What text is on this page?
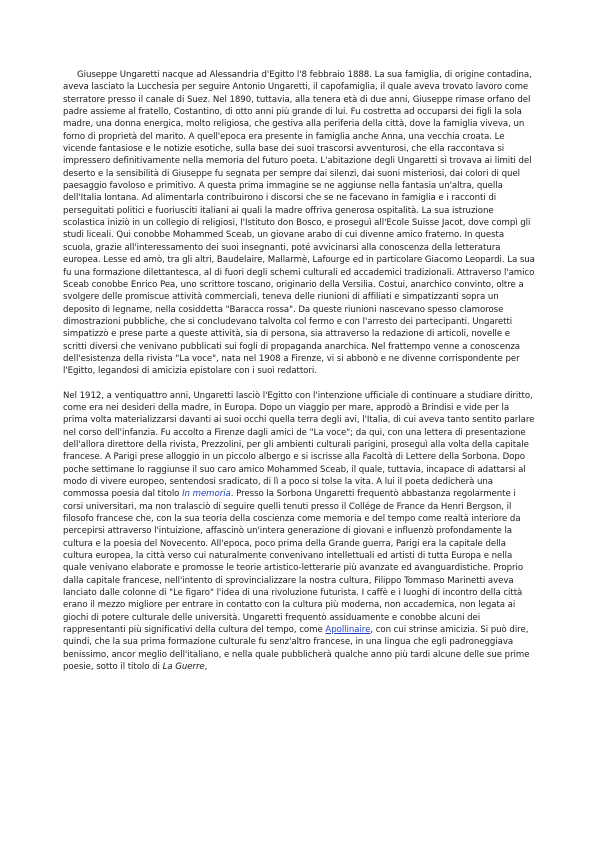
Giuseppe Ungaretti nacque ad Alessandria d'Egitto l'8 febbraio 1888. La sua famiglia, di origine contadina, aveva lasciato la Lucchesia per seguire Antonio Ungaretti, il capofamiglia, il quale aveva trovato lavoro come sterratore presso il canale di Suez. Nel 1890, tuttavia, alla tenera età di due anni, Giuseppe rimase orfano del padre assieme al fratello, Costantino, di otto anni più grande di lui. Fu costretta ad occuparsi dei figli la sola madre, una donna energica, molto religiosa, che gestiva alla periferia della città, dove la famiglia viveva, un forno di proprietà del marito. A quell'epoca era presente in famiglia anche Anna, una vecchia croata. Le vicende fantasiose e le notizie esotiche, sulla base dei suoi trascorsi avventurosi, che ella raccontava si impressero definitivamente nella memoria del futuro poeta. L'abitazione degli Ungaretti si trovava ai limiti del deserto e la sensibilità di Giuseppe fu segnata per sempre dai silenzi, dai suoni misteriosi, dai colori di quel paesaggio favoloso e primitivo. A questa prima immagine se ne aggiunse nella fantasia un'altra, quella dell'Italia lontana. Ad alimentarla contribuirono i discorsi che se ne facevano in famiglia e i racconti di perseguitati politici e fuoriusciti italiani ai quali la madre offriva generosa ospitalità. La sua istruzione scolastica iniziò in un collegio di religiosi, l'Istituto don Bosco, e proseguì all'Ecole Suisse Jacot, dove compì gli studi liceali. Qui conobbe Mohammed Sceab, un giovane arabo di cui divenne amico fraterno. In questa scuola, grazie all'interessamento dei suoi insegnanti, poté avvicinarsi alla conoscenza della letteratura europea. Lesse ed amò, tra gli altri, Baudelaire, Mallarmè, Lafourge ed in particolare Giacomo Leopardi. La sua fu una formazione dilettantesca, al di fuori degli schemi culturali ed accademici tradizionali. Attraverso l'amico Sceab conobbe Enrico Pea, uno scrittore toscano, originario della Versilia. Costui, anarchico convinto, oltre a svolgere delle promiscue attività commerciali, teneva delle riunioni di affiliati e simpatizzanti sopra un deposito di legname, nella cosiddetta "Baracca rossa". Da queste riunioni nascevano spesso clamorose dimostrazioni pubbliche, che si concludevano talvolta col fermo e con l'arresto dei partecipanti. Ungaretti simpatizzò e prese parte a queste attività, sia di persona, sia attraverso la redazione di articoli, novelle e scritti diversi che venivano pubblicati sui fogli di propaganda anarchica. Nel frattempo venne a conoscenza dell'esistenza della rivista "La voce", nata nel 1908 a Firenze, vi si abbonò e ne divenne corrispondente per l'Egitto, legandosi di amicizia epistolare con i suoi redattori.

Nel 1912, a ventiquattro anni, Ungaretti lasciò l'Egitto con l'intenzione ufficiale di continuare a studiare diritto, come era nei desideri della madre, in Europa. Dopo un viaggio per mare, approdò a Brindisi e vide per la prima volta materializzarsi davanti ai suoi occhi quella terra degli avi, l'Italia, di cui aveva tanto sentito parlare nel corso dell'infanzia. Fu accolto a Firenze dagli amici de "La voce"; da qui, con una lettera di presentazione dell'allora direttore della rivista, Prezzolini, per gli ambienti culturali parigini, proseguì alla volta della capitale francese. A Parigi prese alloggio in un piccolo albergo e si iscrisse alla Facoltà di Lettere della Sorbona. Dopo poche settimane lo raggiunse il suo caro amico Mohammed Sceab, il quale, tuttavia, incapace di adattarsi al modo di vivere europeo, sentendosi sradicato, di lì a poco si tolse la vita. A lui il poeta dedicherà una commossa poesia dal titolo In memoria. Presso la Sorbona Ungaretti frequentò abbastanza regolarmente i corsi universitari, ma non tralasciò di seguire quelli tenuti presso il Collége de France da Henri Bergson, il filosofo francese che, con la sua teoria della coscienza come memoria e del tempo come realtà interiore da percepirsi attraverso l'intuizione, affascinò un'intera generazione di giovani e influenzò profondamente la cultura e la poesia del Novecento. All'epoca, poco prima della Grande guerra, Parigi era la capitale della cultura europea, la città verso cui naturalmente convenivano intellettuali ed artisti di tutta Europa e nella quale venivano elaborate e promosse le teorie artistico-letterarie più avanzate ed avanguardistiche. Proprio dalla capitale francese, nell'intento di sprovincializzare la nostra cultura, Filippo Tommaso Marinetti aveva lanciato dalle colonne di "Le figaro" l'idea di una rivoluzione futurista. I caffè e i luoghi di incontro della città erano il mezzo migliore per entrare in contatto con la cultura più moderna, non accademica, non legata ai giochi di potere culturale delle università. Ungaretti frequentò assiduamente e conobbe alcuni dei rappresentanti più significativi della cultura del tempo, come Apollinaire, con cui strinse amicizia. Si può dire, quindi, che la sua prima formazione culturale fu senz'altro francese, in una lingua che egli padroneggiava benissimo, ancor meglio dell'italiano, e nella quale pubblicherà qualche anno più tardi alcune delle sue prime poesie, sotto il titolo di La Guerre,
